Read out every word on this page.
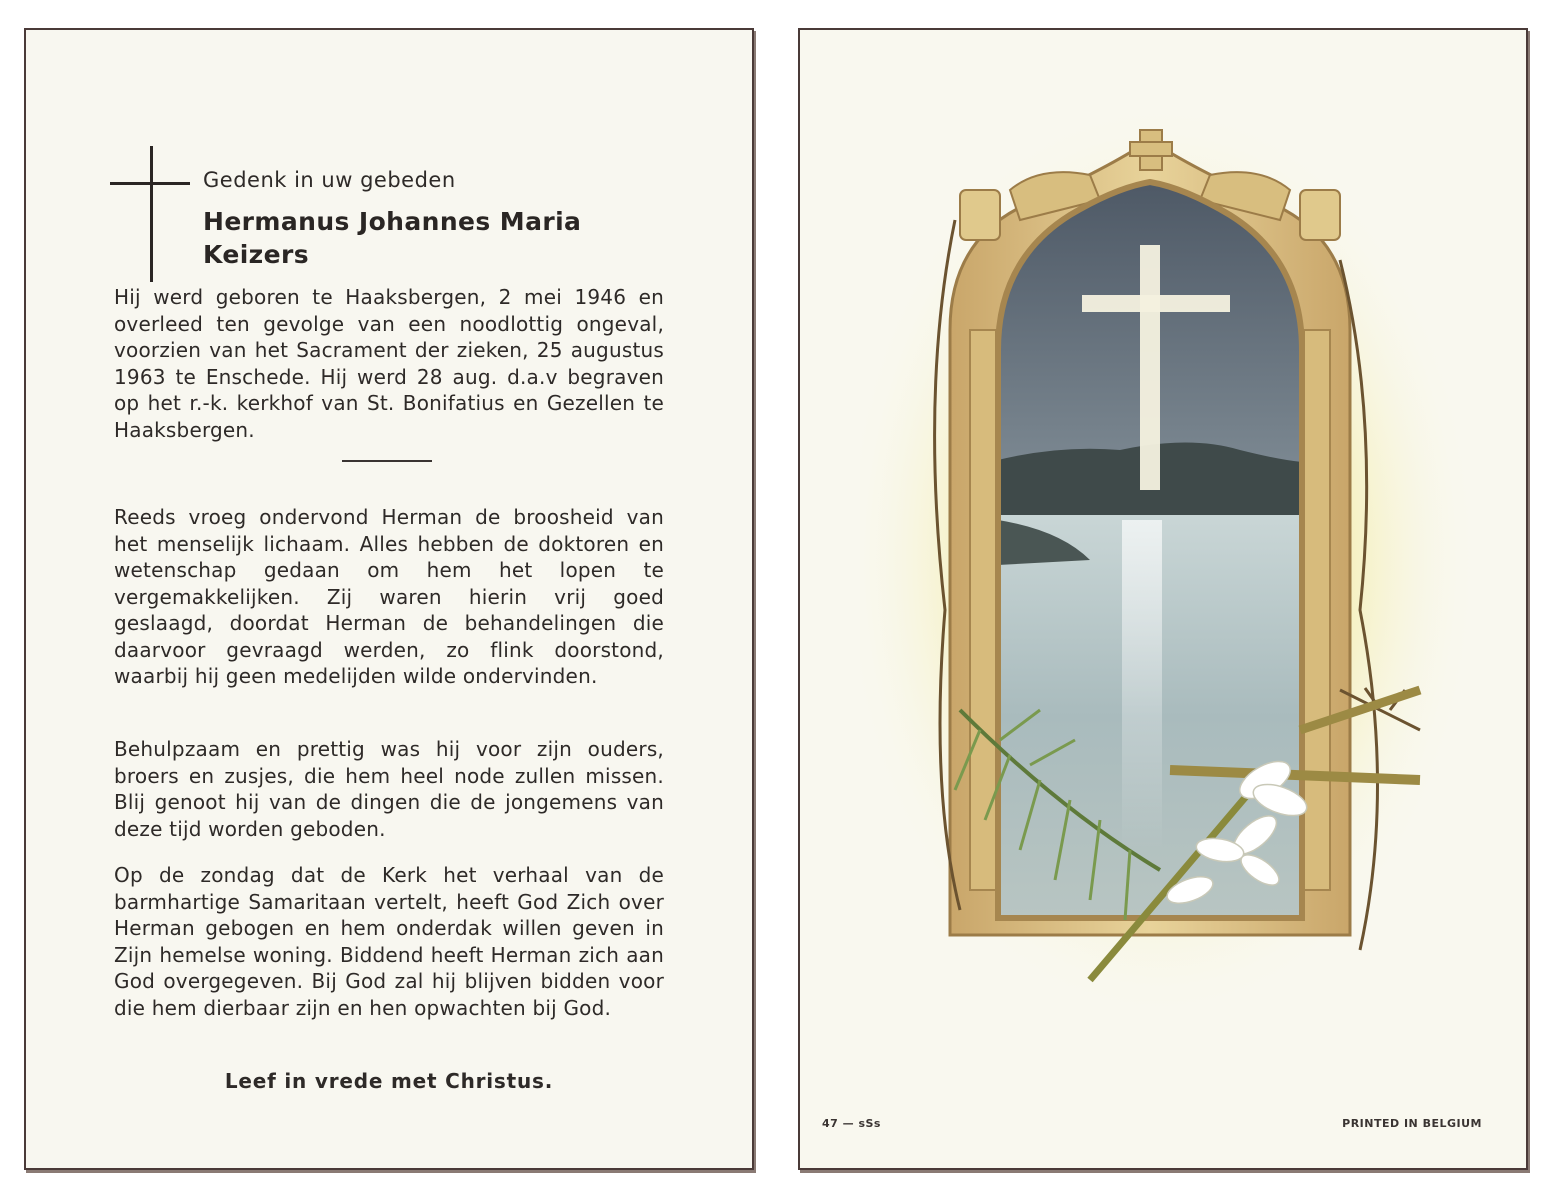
Gedenk in uw gebeden
Hermanus Johannes Maria
Keizers
Hij werd geboren te Haaksbergen, 2 mei 1946 en overleed ten gevolge van een noodlottig ongeval, voorzien van het Sacrament der zieken, 25 augustus 1963 te Enschede. Hij werd 28 aug. d.a.v begraven op het r.-k. kerkhof van St. Bonifatius en Gezellen te Haaksbergen.
Reeds vroeg ondervond Herman de broosheid van het menselijk lichaam. Alles hebben de doktoren en wetenschap gedaan om hem het lopen te vergemakkelijken. Zij waren hierin vrij goed geslaagd, doordat Herman de behandelingen die daarvoor gevraagd werden, zo flink doorstond, waarbij hij geen medelijden wilde ondervinden.
Behulpzaam en prettig was hij voor zijn ouders, broers en zusjes, die hem heel node zullen missen. Blij genoot hij van de dingen die de jongemens van deze tijd worden geboden.
Op de zondag dat de Kerk het verhaal van de barmhartige Samaritaan vertelt, heeft God Zich over Herman gebogen en hem onderdak willen geven in Zijn hemelse woning. Biddend heeft Herman zich aan God overgegeven. Bij God zal hij blijven bidden voor die hem dierbaar zijn en hen opwachten bij God.
Leef in vrede met Christus.
47 — sSs	PRINTED IN BELGIUM
